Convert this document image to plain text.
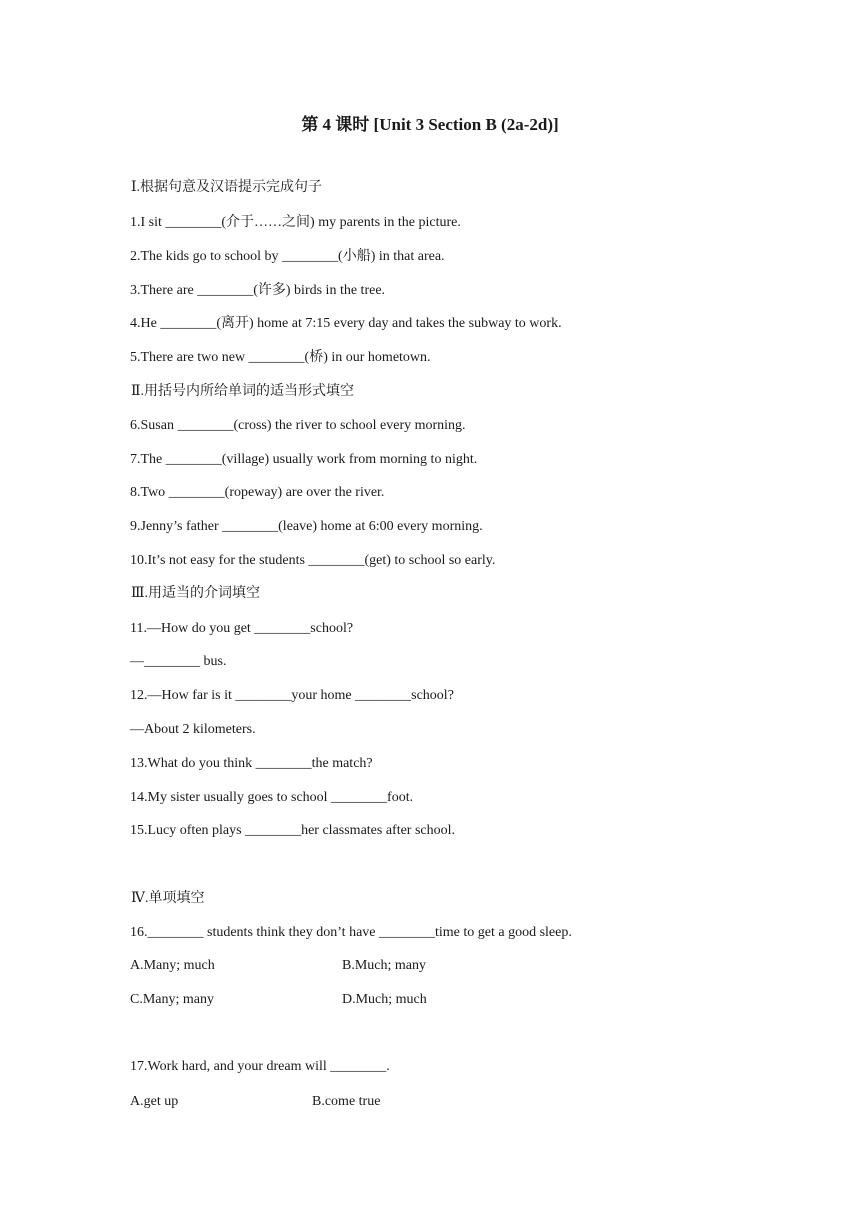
第 4 课时 [Unit 3 Section B (2a-2d)]
Ⅰ.根据句意及汉语提示完成句子
1.I sit ________(介于……之间) my parents in the picture.
2.The kids go to school by ________(小船) in that area.
3.There are ________(许多) birds in the tree.
4.He ________(离开) home at 7:15 every day and takes the subway to work.
5.There are two new ________(桥) in our hometown.
Ⅱ.用括号内所给单词的适当形式填空
6.Susan ________(cross) the river to school every morning.
7.The ________(village) usually work from morning to night.
8.Two ________(ropeway) are over the river.
9.Jenny’s father ________(leave) home at 6:00 every morning.
10.It’s not easy for the students ________(get) to school so early.
Ⅲ.用适当的介词填空
11.—How do you get ________school?
—________ bus.
12.—How far is it ________your home ________school?
—About 2 kilometers.
13.What do you think ________the match?
14.My sister usually goes to school ________foot.
15.Lucy often plays ________her classmates after school.
Ⅳ.单项填空
16.________ students think they don’t have ________time to get a good sleep.
A.Many; much	B.Much; many
C.Many; many	D.Much; much
17.Work hard, and your dream will ________.
A.get up	B.come true
